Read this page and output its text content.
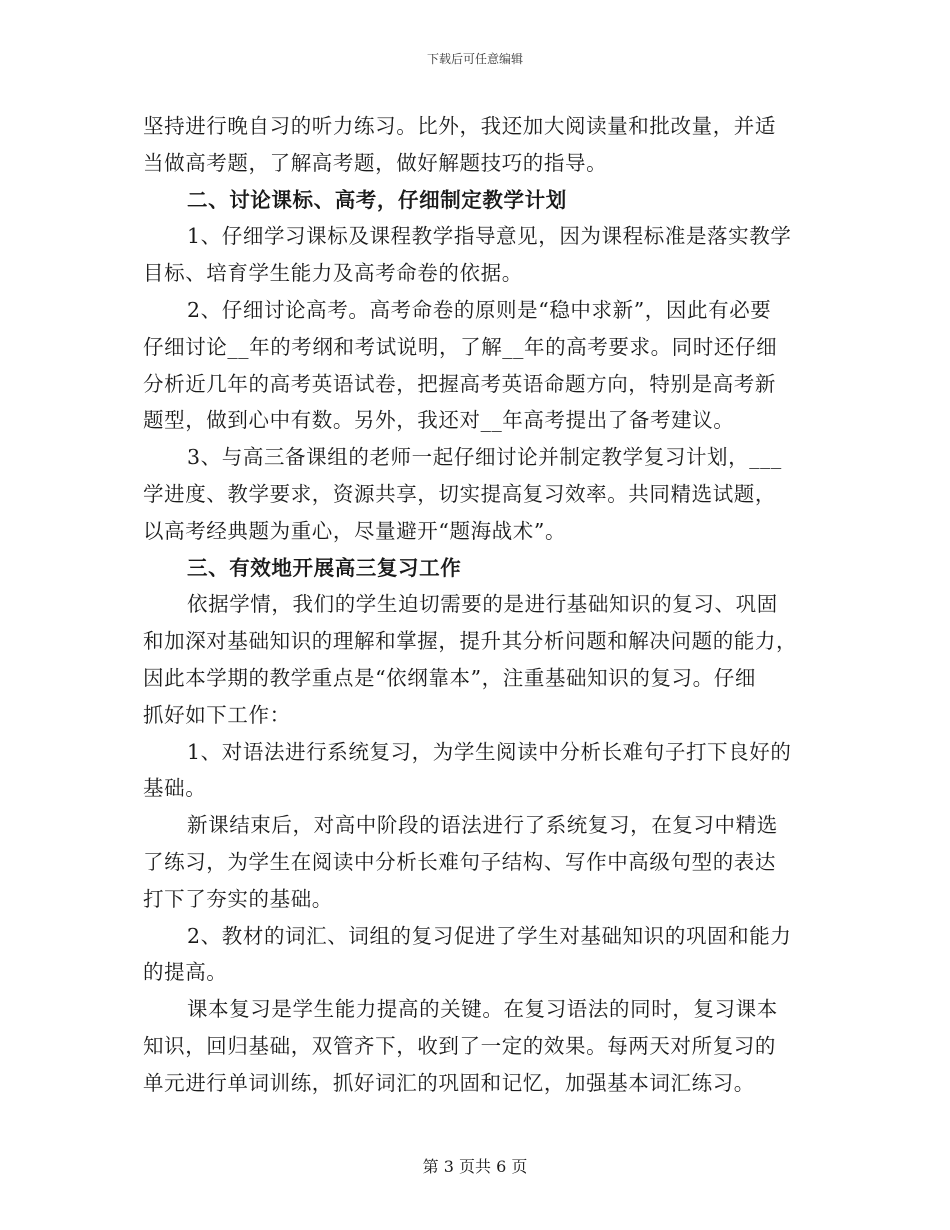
下载后可任意编辑
坚持进行晚自习的听力练习。比外，我还加大阅读量和批改量，并适
当做高考题，了解高考题，做好解题技巧的指导。
二、讨论课标、高考，仔细制定教学计划
1、仔细学习课标及课程教学指导意见，因为课程标准是落实教学
目标、培育学生能力及高考命卷的依据。
2、仔细讨论高考。高考命卷的原则是“稳中求新”，因此有必要
仔细讨论__年的考纲和考试说明，了解__年的高考要求。同时还仔细
分析近几年的高考英语试卷，把握高考英语命题方向，特别是高考新
题型，做到心中有数。另外，我还对__年高考提出了备考建议。
3、与高三备课组的老师一起仔细讨论并制定教学复习计划，___
学进度、教学要求，资源共享，切实提高复习效率。共同精选试题，
以高考经典题为重心，尽量避开“题海战术”。
三、有效地开展高三复习工作
依据学情，我们的学生迫切需要的是进行基础知识的复习、巩固
和加深对基础知识的理解和掌握，提升其分析问题和解决问题的能力，
因此本学期的教学重点是“依纲靠本”，注重基础知识的复习。仔细
抓好如下工作：
1、对语法进行系统复习，为学生阅读中分析长难句子打下良好的
基础。
新课结束后，对高中阶段的语法进行了系统复习，在复习中精选
了练习，为学生在阅读中分析长难句子结构、写作中高级句型的表达
打下了夯实的基础。
2、教材的词汇、词组的复习促进了学生对基础知识的巩固和能力
的提高。
课本复习是学生能力提高的关键。在复习语法的同时，复习课本
知识，回归基础，双管齐下，收到了一定的效果。每两天对所复习的
单元进行单词训练，抓好词汇的巩固和记忆，加强基本词汇练习。
第 3 页共 6 页
